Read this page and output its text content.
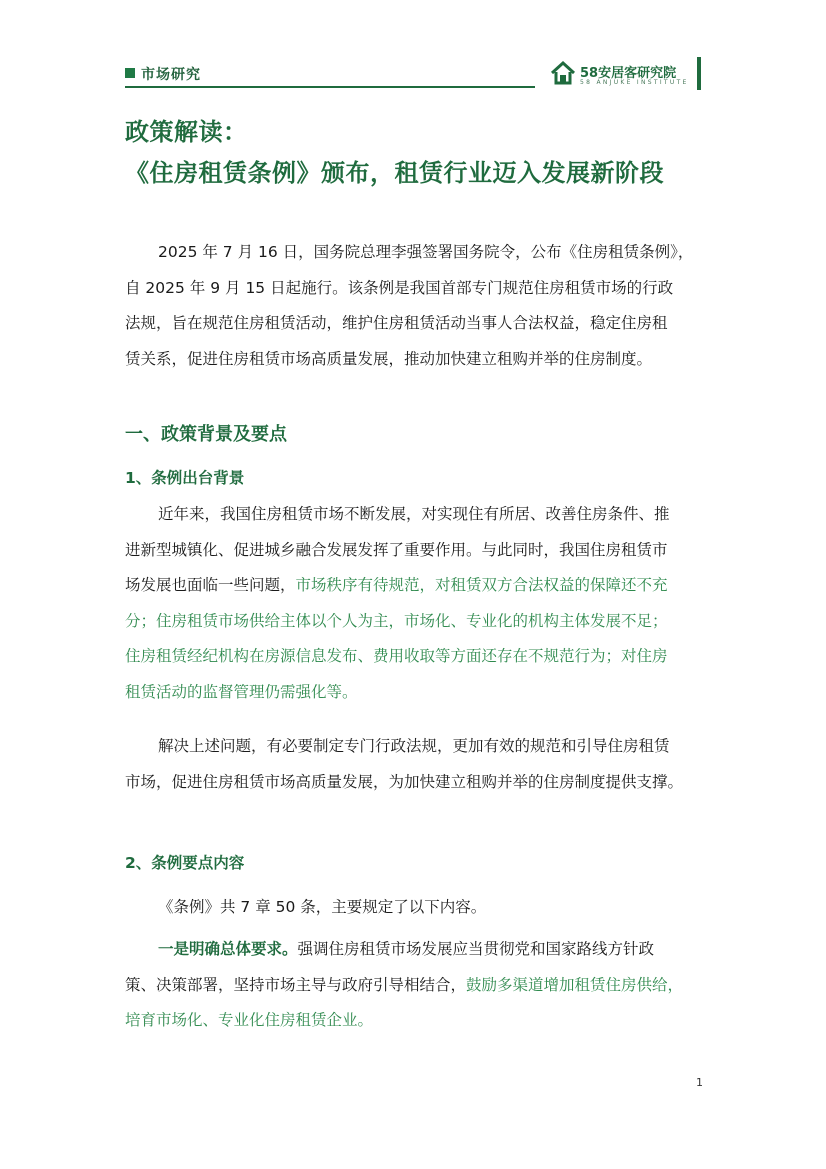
市场研究	58安居客研究院
58 ANJUKE INSTITUTE
政策解读：
《住房租赁条例》颁布，租赁行业迈入发展新阶段

2025 年 7 月 16 日，国务院总理李强签署国务院令，公布《住房租赁条例》，
自 2025 年 9 月 15 日起施行。该条例是我国首部专门规范住房租赁市场的行政
法规，旨在规范住房租赁活动，维护住房租赁活动当事人合法权益，稳定住房租
赁关系，促进住房租赁市场高质量发展，推动加快建立租购并举的住房制度。

一、政策背景及要点
1、条例出台背景

近年来，我国住房租赁市场不断发展，对实现住有所居、改善住房条件、推
进新型城镇化、促进城乡融合发展发挥了重要作用。与此同时，我国住房租赁市
场发展也面临一些问题，市场秩序有待规范，对租赁双方合法权益的保障还不充
分；住房租赁市场供给主体以个人为主，市场化、专业化的机构主体发展不足；
住房租赁经纪机构在房源信息发布、费用收取等方面还存在不规范行为；对住房
租赁活动的监督管理仍需强化等。

解决上述问题，有必要制定专门行政法规，更加有效的规范和引导住房租赁
市场，促进住房租赁市场高质量发展，为加快建立租购并举的住房制度提供支撑。

2、条例要点内容

《条例》共 7 章 50 条，主要规定了以下内容。

一是明确总体要求。强调住房租赁市场发展应当贯彻党和国家路线方针政
策、决策部署，坚持市场主导与政府引导相结合，鼓励多渠道增加租赁住房供给，
培育市场化、专业化住房租赁企业。

1
